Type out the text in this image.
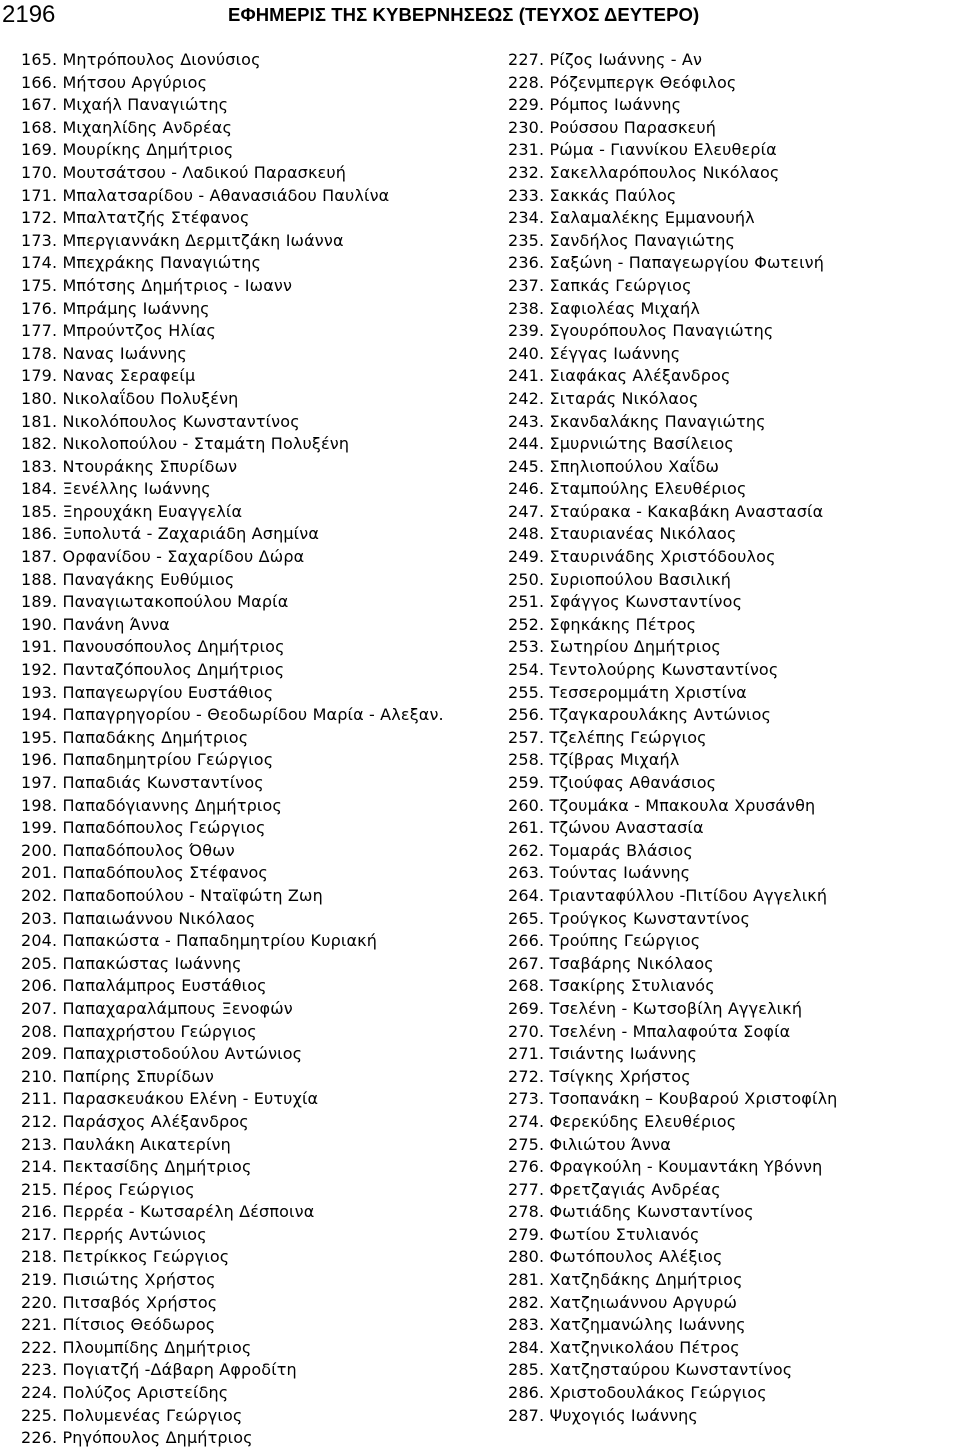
2196	ΕΦΗΜΕΡΙΣ ΤΗΣ ΚΥΒΕΡΝΗΣΕΩΣ (ΤΕΥΧΟΣ ΔΕΥΤΕΡΟ)
165. Μητρόπουλος Διονύσιος
166. Μήτσου Αργύριος
167. Μιχαήλ Παναγιώτης
168. Μιχαηλίδης Ανδρέας
169. Μουρίκης Δημήτριος
170. Μουτσάτσου - Λαδικού Παρασκευή
171. Μπαλατσαρίδου - Αθανασιάδου Παυλίνα
172. Μπαλτατζής Στέφανος
173. Μπεργιαννάκη Δερμιτζάκη Ιωάννα
174. Μπεχράκης Παναγιώτης
175. Μπότσης Δημήτριος - Ιωανν
176. Μπράμης Ιωάννης
177. Μπρούντζος Ηλίας
178. Νανας Ιωάννης
179. Νανας Σεραφείμ
180. Νικολαΐδου Πολυξένη
181. Νικολόπουλος Κωνσταντίνος
182. Νικολοπούλου - Σταμάτη Πολυξένη
183. Ντουράκης Σπυρίδων
184. Ξενέλλης Ιωάννης
185. Ξηρουχάκη Ευαγγελία
186. Ξυπολυτά - Ζαχαριάδη Ασημίνα
187. Ορφανίδου - Σαχαρίδου Δώρα
188. Παναγάκης Ευθύμιος
189. Παναγιωτακοπούλου Μαρία
190. Πανάνη Άννα
191. Πανουσόπουλος Δημήτριος
192. Πανταζόπουλος Δημήτριος
193. Παπαγεωργίου Ευστάθιος
194. Παπαγρηγορίου - Θεοδωρίδου Μαρία - Αλεξαν.
195. Παπαδάκης Δημήτριος
196. Παπαδημητρίου Γεώργιος
197. Παπαδιάς Κωνσταντίνος
198. Παπαδόγιαννης Δημήτριος
199. Παπαδόπουλος Γεώργιος
200. Παπαδόπουλος Όθων
201. Παπαδόπουλος Στέφανος
202. Παπαδοπούλου - Νταϊφώτη Ζωη
203. Παπαιωάννου Νικόλαος
204. Παπακώστα - Παπαδημητρίου Κυριακή
205. Παπακώστας Ιωάννης
206. Παπαλάμπρος Ευστάθιος
207. Παπαχαραλάμπους Ξενοφών
208. Παπαχρήστου Γεώργιος
209. Παπαχριστοδούλου Αντώνιος
210. Παπίρης Σπυρίδων
211. Παρασκευάκου Ελένη - Ευτυχία
212. Παράσχος Αλέξανδρος
213. Παυλάκη Αικατερίνη
214. Πεκτασίδης Δημήτριος
215. Πέρος Γεώργιος
216. Περρέα - Κωτσαρέλη Δέσποινα
217. Περρής Αντώνιος
218. Πετρίκκος Γεώργιος
219. Πισιώτης Χρήστος
220. Πιτσαβός Χρήστος
221. Πίτσιος Θεόδωρος
222. Πλουμπίδης Δημήτριος
223. Πογιατζή -Δάβαρη Αφροδίτη
224. Πολύζος Αριστείδης
225. Πολυμενέας Γεώργιος
226. Ρηγόπουλος Δημήτριος
227. Ρίζος Ιωάννης - Αν
228. Ρόζενμπεργκ Θεόφιλος
229. Ρόμπος Ιωάννης
230. Ρούσσου Παρασκευή
231. Ρώμα - Γιαννίκου Ελευθερία
232. Σακελλαρόπουλος Νικόλαος
233. Σακκάς Παύλος
234. Σαλαμαλέκης Εμμανουήλ
235. Σανδήλος Παναγιώτης
236. Σαξώνη - Παπαγεωργίου Φωτεινή
237. Σαπκάς Γεώργιος
238. Σαφιολέας Μιχαήλ
239. Σγουρόπουλος Παναγιώτης
240. Σέγγας Ιωάννης
241. Σιαφάκας Αλέξανδρος
242. Σιταράς Νικόλαος
243. Σκανδαλάκης Παναγιώτης
244. Σμυρνιώτης Βασίλειος
245. Σπηλιοπούλου Χαΐδω
246. Σταμπούλης Ελευθέριος
247. Σταύρακα - Κακαβάκη Αναστασία
248. Σταυριανέας Νικόλαος
249. Σταυρινάδης Χριστόδουλος
250. Συριοπούλου Βασιλική
251. Σφάγγος Κωνσταντίνος
252. Σφηκάκης Πέτρος
253. Σωτηρίου Δημήτριος
254. Τεντολούρης Κωνσταντίνος
255. Τεσσερομμάτη Χριστίνα
256. Τζαγκαρουλάκης Αντώνιος
257. Τζελέπης Γεώργιος
258. Τζίβρας Μιχαήλ
259. Τζιούφας Αθανάσιος
260. Τζουμάκα - Μπακουλα Χρυσάνθη
261. Τζώνου Αναστασία
262. Τομαράς Βλάσιος
263. Τούντας Ιωάννης
264. Τριανταφύλλου -Πιτίδου Αγγελική
265. Τρούγκος Κωνσταντίνος
266. Τρούπης Γεώργιος
267. Τσαβάρης Νικόλαος
268. Τσακίρης Στυλιανός
269. Τσελένη - Κωτσοβίλη Αγγελική
270. Τσελένη - Μπαλαφούτα Σοφία
271. Τσιάντης Ιωάννης
272. Τσίγκης Χρήστος
273. Τσοπανάκη – Κουβαρού Χριστοφίλη
274. Φερεκύδης Ελευθέριος
275. Φιλιώτου Άννα
276. Φραγκούλη - Κουμαντάκη Υβόννη
277. Φρετζαγιάς Ανδρέας
278. Φωτιάδης Κωνσταντίνος
279. Φωτίου Στυλιανός
280. Φωτόπουλος Αλέξιος
281. Χατζηδάκης Δημήτριος
282. Χατζηιωάννου Αργυρώ
283. Χατζημανώλης Ιωάννης
284. Χατζηνικολάου Πέτρος
285. Χατζησταύρου Κωνσταντίνος
286. Χριστοδουλάκος Γεώργιος
287. Ψυχογιός Ιωάννης
